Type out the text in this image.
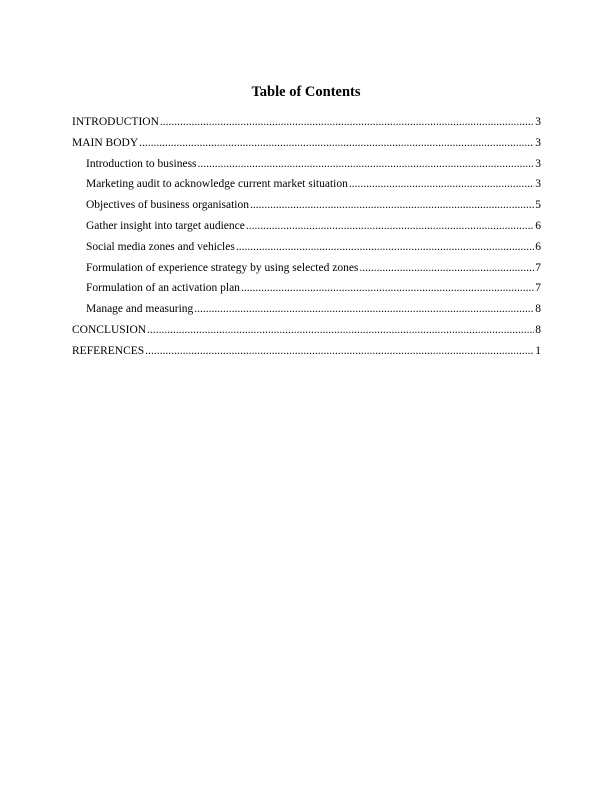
Table of Contents
INTRODUCTION .....	3
MAIN BODY .....	3
Introduction to business .....	3
Marketing audit to acknowledge current market situation .....	3
Objectives of business organisation .....	5
Gather insight into target audience .....	6
Social media zones and vehicles .....	6
Formulation of experience strategy by using selected zones .....	7
Formulation of an activation plan .....	7
Manage and measuring .....	8
CONCLUSION .....	8
REFERENCES .....	1
